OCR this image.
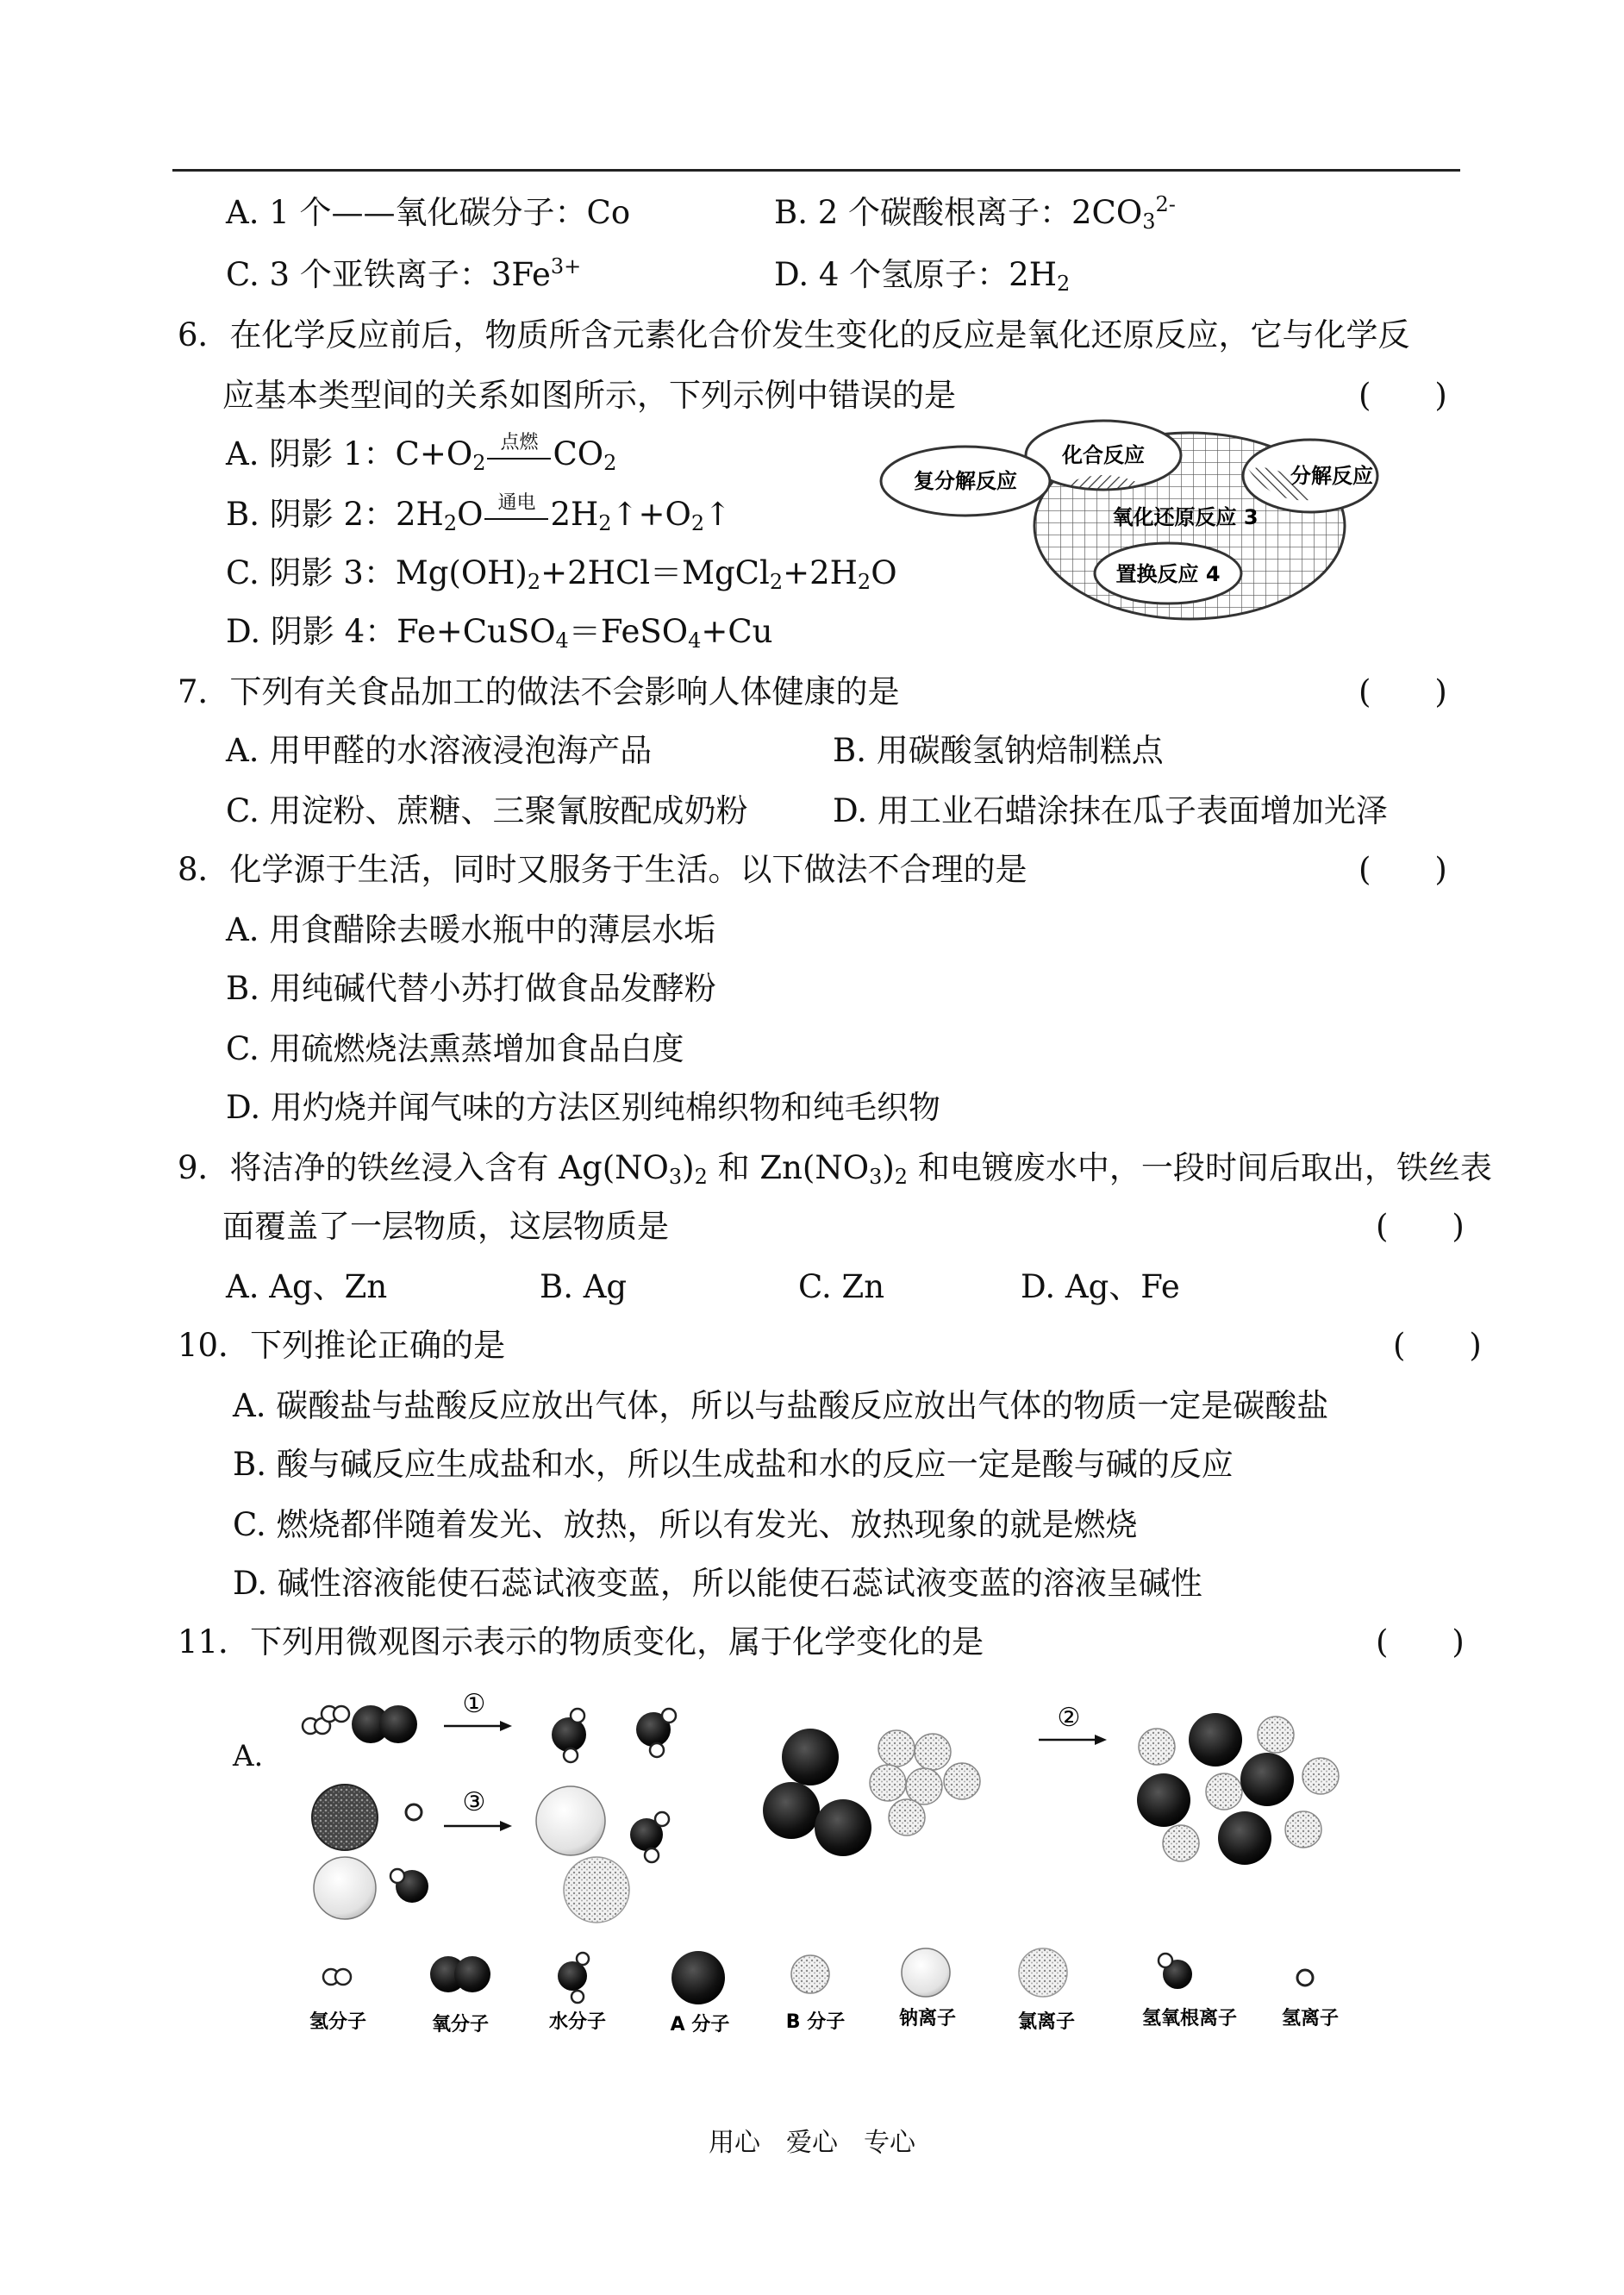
A. 1 个——氧化碳分子：Co	B. 2 个碳酸根离子：$2CO_3^{2-}$
C. 3 个亚铁离子：$3Fe^{3+}$	D. 4 个氢原子：$2H_2$
6．在化学反应前后，物质所含元素化合价发生变化的反应是氧化还原反应，它与化学反
应基本类型间的关系如图所示，下列示例中错误的是	(　　)
A. 阴影 1：$C+O_2$
点燃 $CO_2$
B. 阴影 2：$2H_2O$ 通电 $2H_2↑+O_2↑$
C. 阴影 3：$Mg(OH)_2+2HCl=MgCl_2+2H_2O$
D. 阴影 4：Fe+CuSO$_4$＝FeSO$_4$+Cu
化合反应
分解反应
复分解反应
氧化还原反应 3
置换反应 4
7．下列有关食品加工的做法不会影响人体健康的是	(　　)
A. 用甲醛的水溶液浸泡海产品	B. 用碳酸氢钠焙制糕点
C. 用淀粉、蔗糖、三聚氰胺配成奶粉	D. 用工业石蜡涂抹在瓜子表面增加光泽
8．化学源于生活，同时又服务于生活。以下做法不合理的是	(　　)
A. 用食醋除去暖水瓶中的薄层水垢
B. 用纯碱代替小苏打做食品发酵粉
C. 用硫燃烧法熏蒸增加食品白度
D. 用灼烧并闻气味的方法区别纯棉织物和纯毛织物
9．将洁净的铁丝浸入含有 $Ag(NO_3)_2$ 和 $Zn(NO_3)_2$ 和电镀废水中，一段时间后取出，铁丝表
面覆盖了一层物质，这层物质是	(　　)
A. Ag、Zn	B. Ag	C. Zn	D. Ag、Fe
10．下列推论正确的是	(　　)
A. 碳酸盐与盐酸反应放出气体，所以与盐酸反应放出气体的物质一定是碳酸盐
B. 酸与碱反应生成盐和水，所以生成盐和水的反应一定是酸与碱的反应
C. 燃烧都伴随着发光、放热，所以有发光、放热现象的就是燃烧
D. 碱性溶液能使石蕊试液变蓝，所以能使石蕊试液变蓝的溶液呈碱性
11．下列用微观图示表示的物质变化，属于化学变化的是	(　　)
A.
①
③
②
氢分子	氧分子	水分子	A 分子	B 分子	钠离子	氯离子	氢氧根离子 氢离子
用心　爱心　专心
